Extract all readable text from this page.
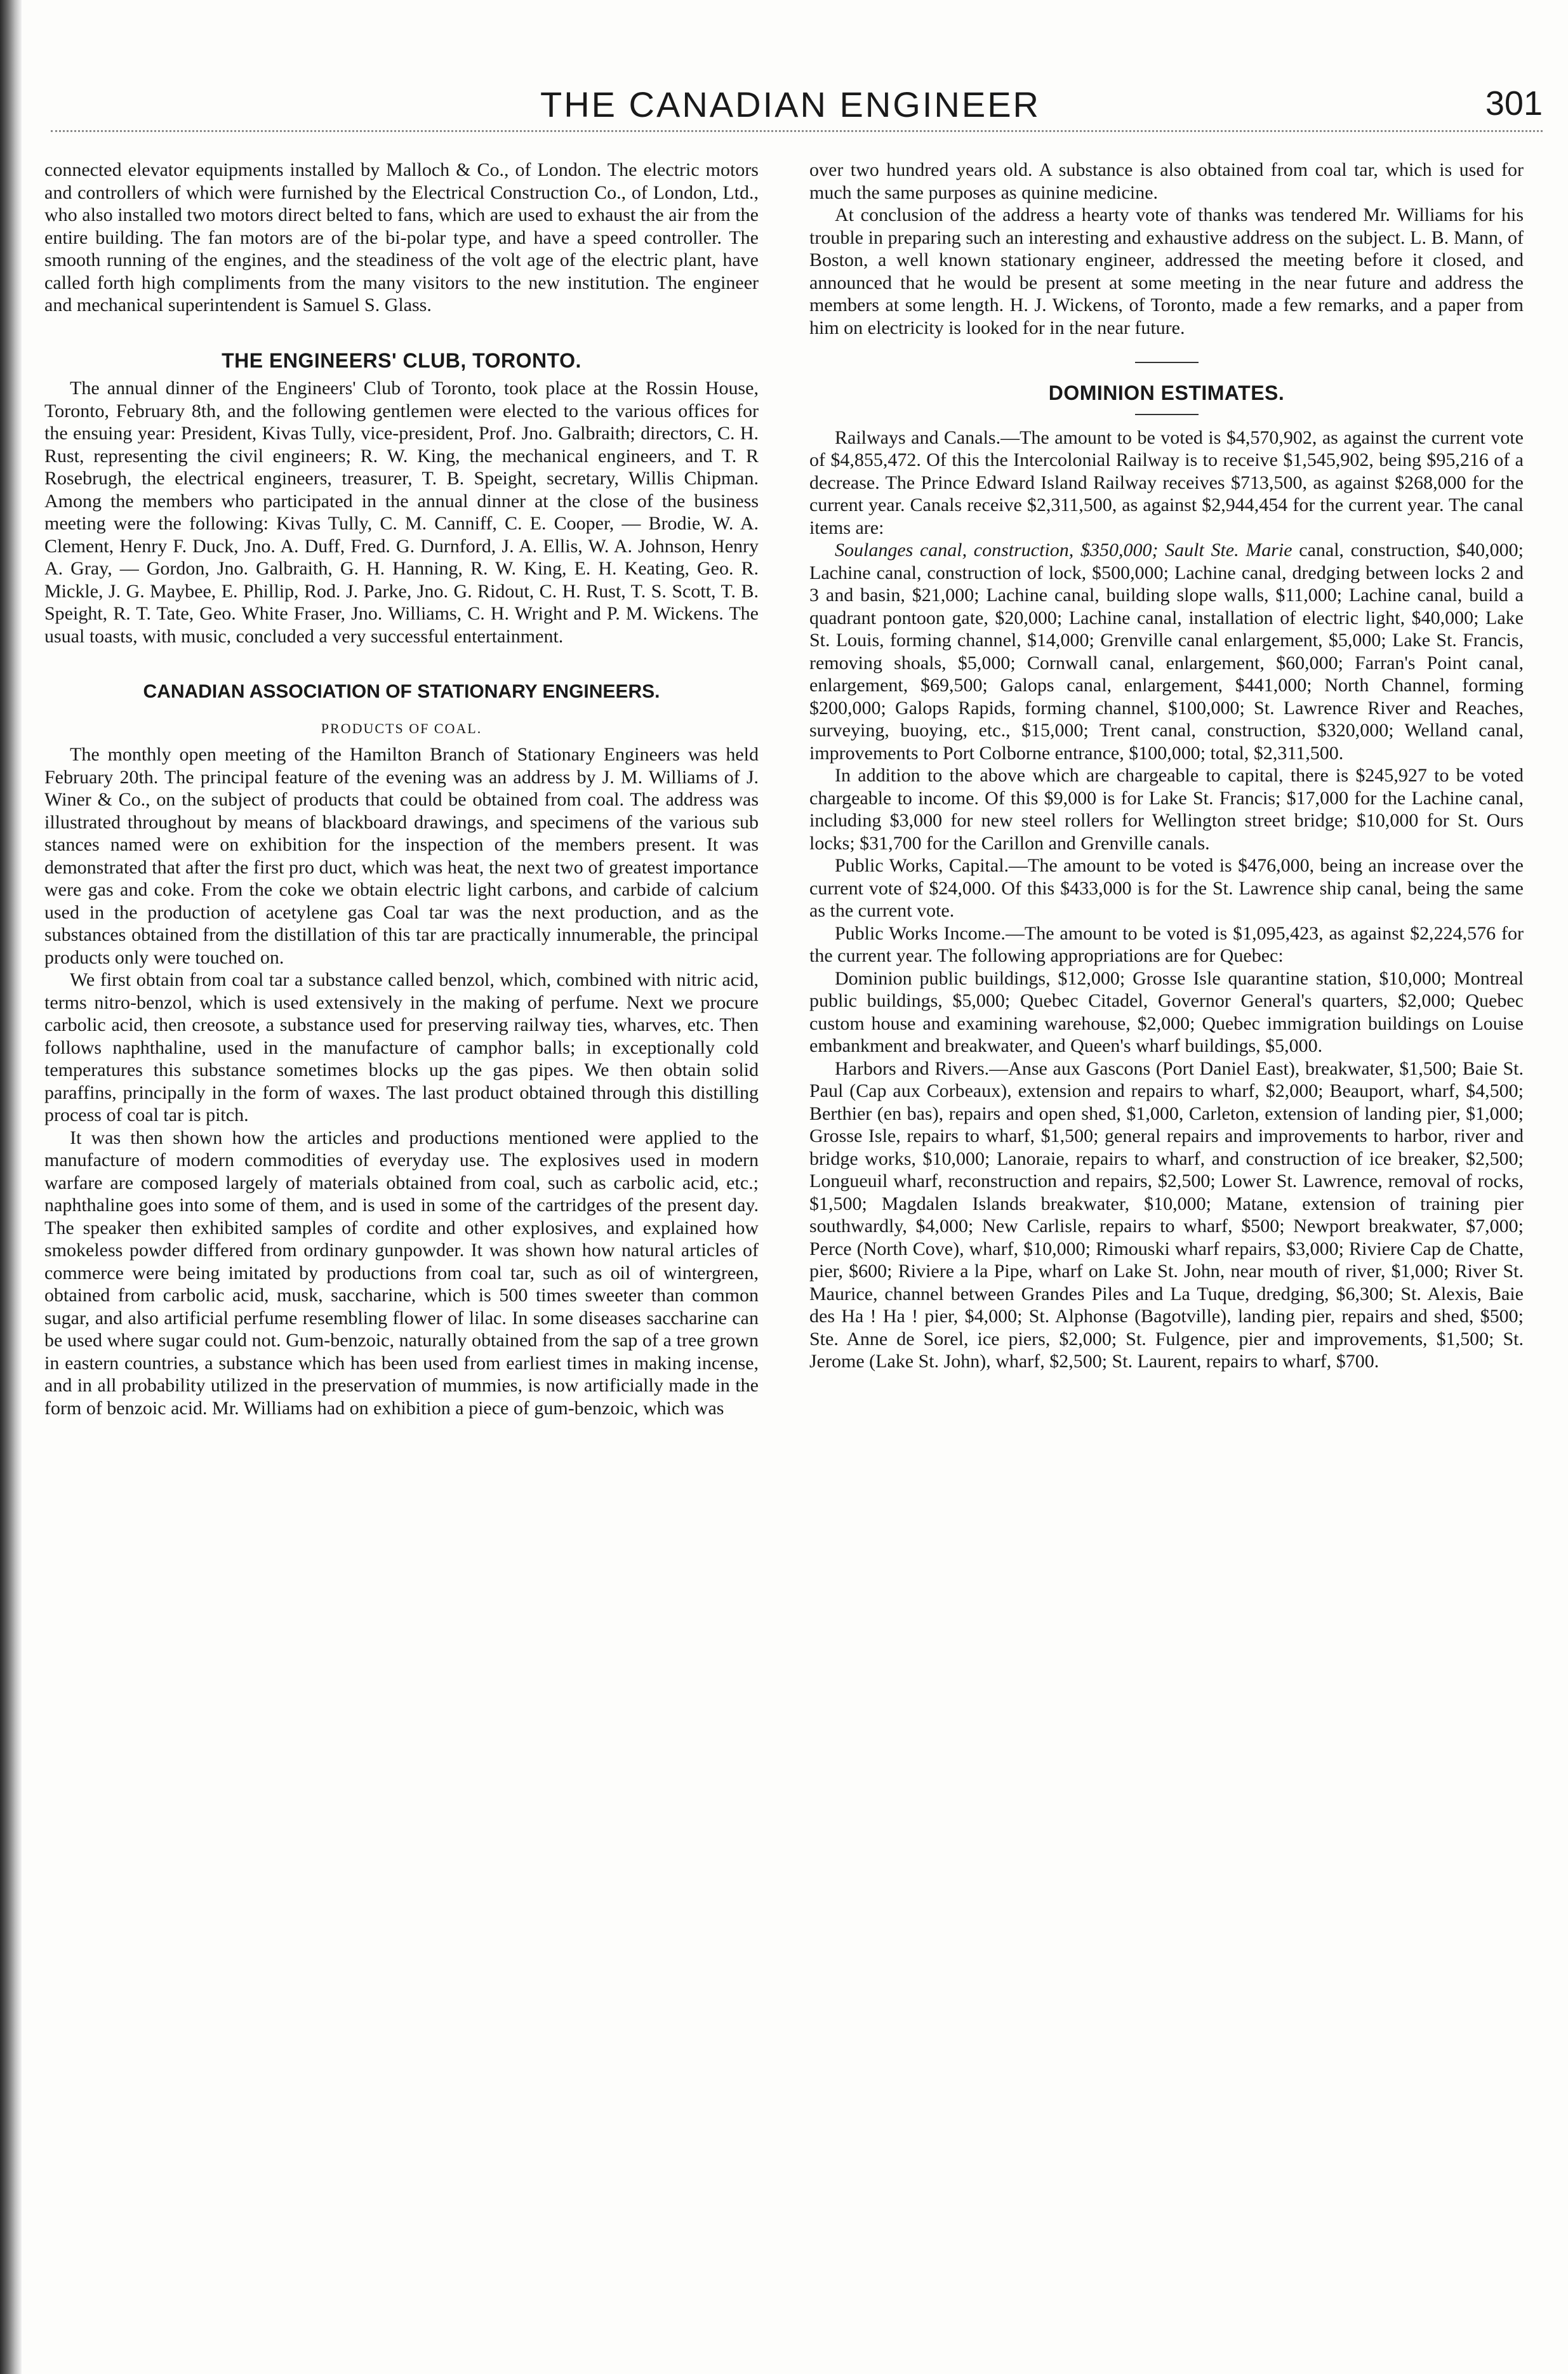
THE CANADIAN ENGINEER	301

connected elevator equipments installed by Malloch & Co., of London. The electric motors and controllers of which were furnished by the Electrical Construction Co., of London, Ltd., who also installed two motors direct belted to fans, which are used to exhaust the air from the entire building. The fan motors are of the bi-polar type, and have a speed controller. The smooth running of the engines, and the steadiness of the volt age of the electric plant, have called forth high compliments from the many visitors to the new institution. The engineer and mechanical superintendent is Samuel S. Glass.

THE ENGINEERS' CLUB, TORONTO.

The annual dinner of the Engineers' Club of Toronto, took place at the Rossin House, Toronto, February 8th, and the following gentlemen were elected to the various offices for the ensuing year: President, Kivas Tully, vice-president, Prof. Jno. Galbraith; directors, C. H. Rust, representing the civil engineers; R. W. King, the mechanical engineers, and T. R Rosebrugh, the electrical engineers, treasurer, T. B. Speight, secretary, Willis Chipman. Among the members who participated in the annual dinner at the close of the business meeting were the following: Kivas Tully, C. M. Canniff, C. E. Cooper, — Brodie, W. A. Clement, Henry F. Duck, Jno. A. Duff, Fred. G. Durnford, J. A. Ellis, W. A. Johnson, Henry A. Gray, — Gordon, Jno. Galbraith, G. H. Hanning, R. W. King, E. H. Keating, Geo. R. Mickle, J. G. Maybee, E. Phillip, Rod. J. Parke, Jno. G. Ridout, C. H. Rust, T. S. Scott, T. B. Speight, R. T. Tate, Geo. White Fraser, Jno. Williams, C. H. Wright and P. M. Wickens. The usual toasts, with music, concluded a very successful entertainment.

CANADIAN ASSOCIATION OF STATIONARY ENGINEERS.
PRODUCTS OF COAL.

The monthly open meeting of the Hamilton Branch of Stationary Engineers was held February 20th. The principal feature of the evening was an address by J. M. Williams of J. Winer & Co., on the subject of products that could be obtained from coal. The address was illustrated throughout by means of blackboard drawings, and specimens of the various sub stances named were on exhibition for the inspection of the members present. It was demonstrated that after the first pro duct, which was heat, the next two of greatest importance were gas and coke. From the coke we obtain electric light carbons, and carbide of calcium used in the production of acetylene gas Coal tar was the next production, and as the substances obtained from the distillation of this tar are practically innumerable, the principal products only were touched on.

We first obtain from coal tar a substance called benzol, which, combined with nitric acid, terms nitro-benzol, which is used extensively in the making of perfume. Next we procure carbolic acid, then creosote, a substance used for preserving railway ties, wharves, etc. Then follows naphthaline, used in the manufacture of camphor balls; in exceptionally cold temperatures this substance sometimes blocks up the gas pipes. We then obtain solid paraffins, principally in the form of waxes. The last product obtained through this distilling process of coal tar is pitch.

It was then shown how the articles and productions mentioned were applied to the manufacture of modern commodities of everyday use. The explosives used in modern warfare are composed largely of materials obtained from coal, such as carbolic acid, etc.; naphthaline goes into some of them, and is used in some of the cartridges of the present day. The speaker then exhibited samples of cordite and other explosives, and explained how smokeless powder differed from ordinary gunpowder. It was shown how natural articles of commerce were being imitated by productions from coal tar, such as oil of wintergreen, obtained from carbolic acid, musk, saccharine, which is 500 times sweeter than common sugar, and also artificial perfume resembling flower of lilac. In some diseases saccharine can be used where sugar could not. Gum-benzoic, naturally obtained from the sap of a tree grown in eastern countries, a substance which has been used from earliest times in making incense, and in all probability utilized in the preservation of mummies, is now artificially made in the form of benzoic acid. Mr. Williams had on exhibition a piece of gum-benzoic, which was

over two hundred years old. A substance is also obtained from coal tar, which is used for much the same purposes as quinine medicine.

At conclusion of the address a hearty vote of thanks was tendered Mr. Williams for his trouble in preparing such an interesting and exhaustive address on the subject. L. B. Mann, of Boston, a well known stationary engineer, addressed the meeting before it closed, and announced that he would be present at some meeting in the near future and address the members at some length. H. J. Wickens, of Toronto, made a few remarks, and a paper from him on electricity is looked for in the near future.

DOMINION ESTIMATES.

Railways and Canals.—The amount to be voted is $4,570,902, as against the current vote of $4,855,472. Of this the Intercolonial Railway is to receive $1,545,902, being $95,216 of a decrease. The Prince Edward Island Railway receives $713,500, as against $268,000 for the current year. Canals receive $2,311,500, as against $2,944,454 for the current year. The canal items are:

Soulanges canal, construction, $350,000; Sault Ste. Marie canal, construction, $40,000; Lachine canal, construction of lock, $500,000; Lachine canal, dredging between locks 2 and 3 and basin, $21,000; Lachine canal, building slope walls, $11,000; Lachine canal, build a quadrant pontoon gate, $20,000; Lachine canal, installation of electric light, $40,000; Lake St. Louis, forming channel, $14,000; Grenville canal enlargement, $5,000; Lake St. Francis, removing shoals, $5,000; Cornwall canal, enlargement, $60,000; Farran's Point canal, enlargement, $69,500; Galops canal, enlargement, $441,000; North Channel, forming $200,000; Galops Rapids, forming channel, $100,000; St. Lawrence River and Reaches, surveying, buoying, etc., $15,000; Trent canal, construction, $320,000; Welland canal, improvements to Port Colborne entrance, $100,000; total, $2,311,500.

In addition to the above which are chargeable to capital, there is $245,927 to be voted chargeable to income. Of this $9,000 is for Lake St. Francis; $17,000 for the Lachine canal, including $3,000 for new steel rollers for Wellington street bridge; $10,000 for St. Ours locks; $31,700 for the Carillon and Grenville canals.

Public Works, Capital.—The amount to be voted is $476,000, being an increase over the current vote of $24,000. Of this $433,000 is for the St. Lawrence ship canal, being the same as the current vote.

Public Works Income.—The amount to be voted is $1,095,423, as against $2,224,576 for the current year. The following appropriations are for Quebec:

Dominion public buildings, $12,000; Grosse Isle quarantine station, $10,000; Montreal public buildings, $5,000; Quebec Citadel, Governor General's quarters, $2,000; Quebec custom house and examining warehouse, $2,000; Quebec immigration buildings on Louise embankment and breakwater, and Queen's wharf buildings, $5,000.

Harbors and Rivers.—Anse aux Gascons (Port Daniel East), breakwater, $1,500; Baie St. Paul (Cap aux Corbeaux), extension and repairs to wharf, $2,000; Beauport, wharf, $4,500; Berthier (en bas), repairs and open shed, $1,000, Carleton, extension of landing pier, $1,000; Grosse Isle, repairs to wharf, $1,500; general repairs and improvements to harbor, river and bridge works, $10,000; Lanoraie, repairs to wharf, and construction of ice breaker, $2,500; Longueuil wharf, reconstruction and repairs, $2,500; Lower St. Lawrence, removal of rocks, $1,500; Magdalen Islands breakwater, $10,000; Matane, extension of training pier southwardly, $4,000; New Carlisle, repairs to wharf, $500; Newport breakwater, $7,000; Perce (North Cove), wharf, $10,000; Rimouski wharf repairs, $3,000; Riviere Cap de Chatte, pier, $600; Riviere a la Pipe, wharf on Lake St. John, near mouth of river, $1,000; River St. Maurice, channel between Grandes Piles and La Tuque, dredging, $6,300; St. Alexis, Baie des Ha ! Ha ! pier, $4,000; St. Alphonse (Bagotville), landing pier, repairs and shed, $500; Ste. Anne de Sorel, ice piers, $2,000; St. Fulgence, pier and improvements, $1,500; St. Jerome (Lake St. John), wharf, $2,500; St. Laurent, repairs to wharf, $700.
